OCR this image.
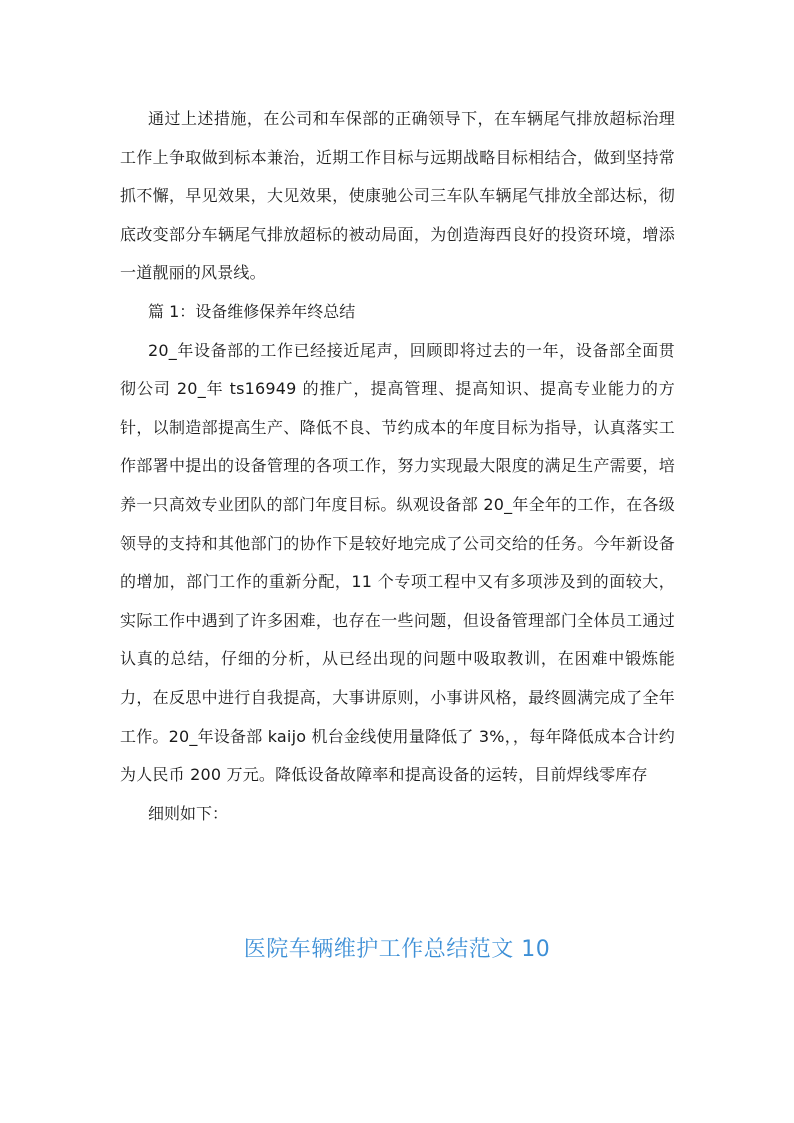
通过上述措施，在公司和车保部的正确领导下，在车辆尾气排放超标治理工作上争取做到标本兼治，近期工作目标与远期战略目标相结合，做到坚持常抓不懈，早见效果，大见效果，使康驰公司三车队车辆尾气排放全部达标，彻底改变部分车辆尾气排放超标的被动局面，为创造海西良好的投资环境，增添一道靓丽的风景线。

篇 1：设备维修保养年终总结

20_年设备部的工作已经接近尾声，回顾即将过去的一年，设备部全面贯彻公司 20_年 ts16949 的推广，提高管理、提高知识、提高专业能力的方针，以制造部提高生产、降低不良、节约成本的年度目标为指导，认真落实工作部署中提出的设备管理的各项工作，努力实现最大限度的满足生产需要，培养一只高效专业团队的部门年度目标。纵观设备部 20_年全年的工作，在各级领导的支持和其他部门的协作下是较好地完成了公司交给的任务。今年新设备的增加，部门工作的重新分配，11 个专项工程中又有多项涉及到的面较大，实际工作中遇到了许多困难，也存在一些问题，但设备管理部门全体员工通过认真的总结，仔细的分析，从已经出现的问题中吸取教训，在困难中锻炼能力，在反思中进行自我提高，大事讲原则，小事讲风格，最终圆满完成了全年工作。20_年设备部 kaijo 机台金线使用量降低了 3%，，每年降低成本合计约为人民币 200 万元。降低设备故障率和提高设备的运转，目前焊线零库存

细则如下：

医院车辆维护工作总结范文 10
